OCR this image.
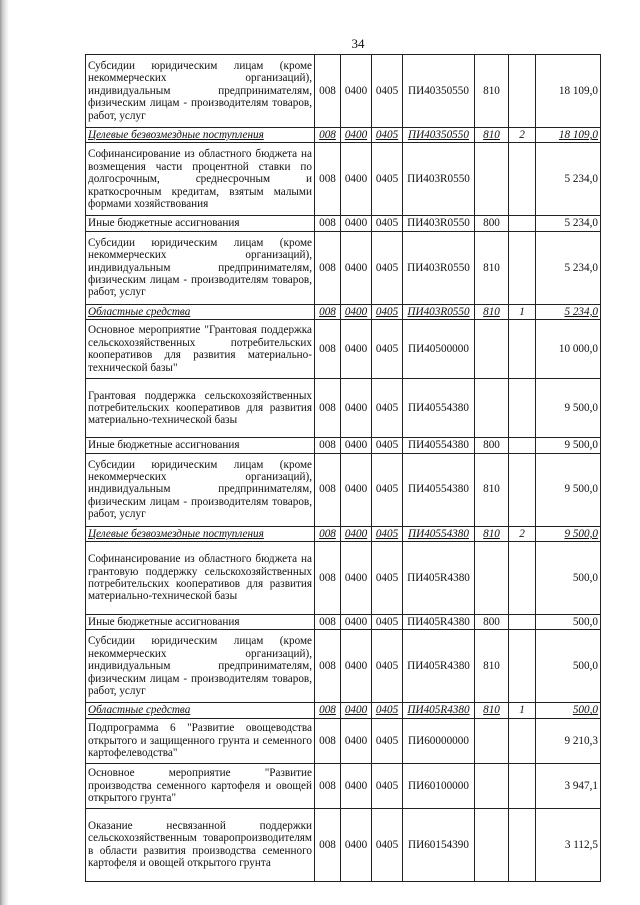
34
Субсидии юридическим лицам (кроме некоммерческих организаций), индивидуальным предпринимателям, физическим лицам - производителям товаров, работ, услуг	008	0400	0405	ПИ40350550	810		18 109,0
Целевые безвозмездные поступления	008	0400	0405	ПИ40350550	810	2	18 109,0
Софинансирование из областного бюджета на возмещения части процентной ставки по долгосрочным, среднесрочным и краткосрочным кредитам, взятым малыми формами хозяйствования	008	0400	0405	ПИ403R0550			5 234,0
Иные бюджетные ассигнования	008	0400	0405	ПИ403R0550	800		5 234,0
Субсидии юридическим лицам (кроме некоммерческих организаций), индивидуальным предпринимателям, физическим лицам - производителям товаров, работ, услуг	008	0400	0405	ПИ403R0550	810		5 234,0
Областные средства	008	0400	0405	ПИ403R0550	810	1	5 234,0
Основное мероприятие "Грантовая поддержка сельскохозяйственных потребительских кооперативов для развития материально-технической базы"	008	0400	0405	ПИ40500000			10 000,0
Грантовая поддержка сельскохозяйственных потребительских кооперативов для развития материально-технической базы	008	0400	0405	ПИ40554380			9 500,0
Иные бюджетные ассигнования	008	0400	0405	ПИ40554380	800		9 500,0
Субсидии юридическим лицам (кроме некоммерческих организаций), индивидуальным предпринимателям, физическим лицам - производителям товаров, работ, услуг	008	0400	0405	ПИ40554380	810		9 500,0
Целевые безвозмездные поступления	008	0400	0405	ПИ40554380	810	2	9 500,0
Софинансирование из областного бюджета на грантовую поддержку сельскохозяйственных потребительских кооперативов для развития материально-технической базы	008	0400	0405	ПИ405R4380			500,0
Иные бюджетные ассигнования	008	0400	0405	ПИ405R4380	800		500,0
Субсидии юридическим лицам (кроме некоммерческих организаций), индивидуальным предпринимателям, физическим лицам - производителям товаров, работ, услуг	008	0400	0405	ПИ405R4380	810		500,0
Областные средства	008	0400	0405	ПИ405R4380	810	1	500,0
Подпрограмма 6 "Развитие овощеводства открытого и защищенного грунта и семенного картофелеводства"	008	0400	0405	ПИ60000000			9 210,3
Основное мероприятие "Развитие производства семенного картофеля и овощей открытого грунта"	008	0400	0405	ПИ60100000			3 947,1
Оказание несвязанной поддержки сельскохозяйственным товаропроизводителям в области развития производства семенного картофеля и овощей открытого грунта	008	0400	0405	ПИ60154390			3 112,5
